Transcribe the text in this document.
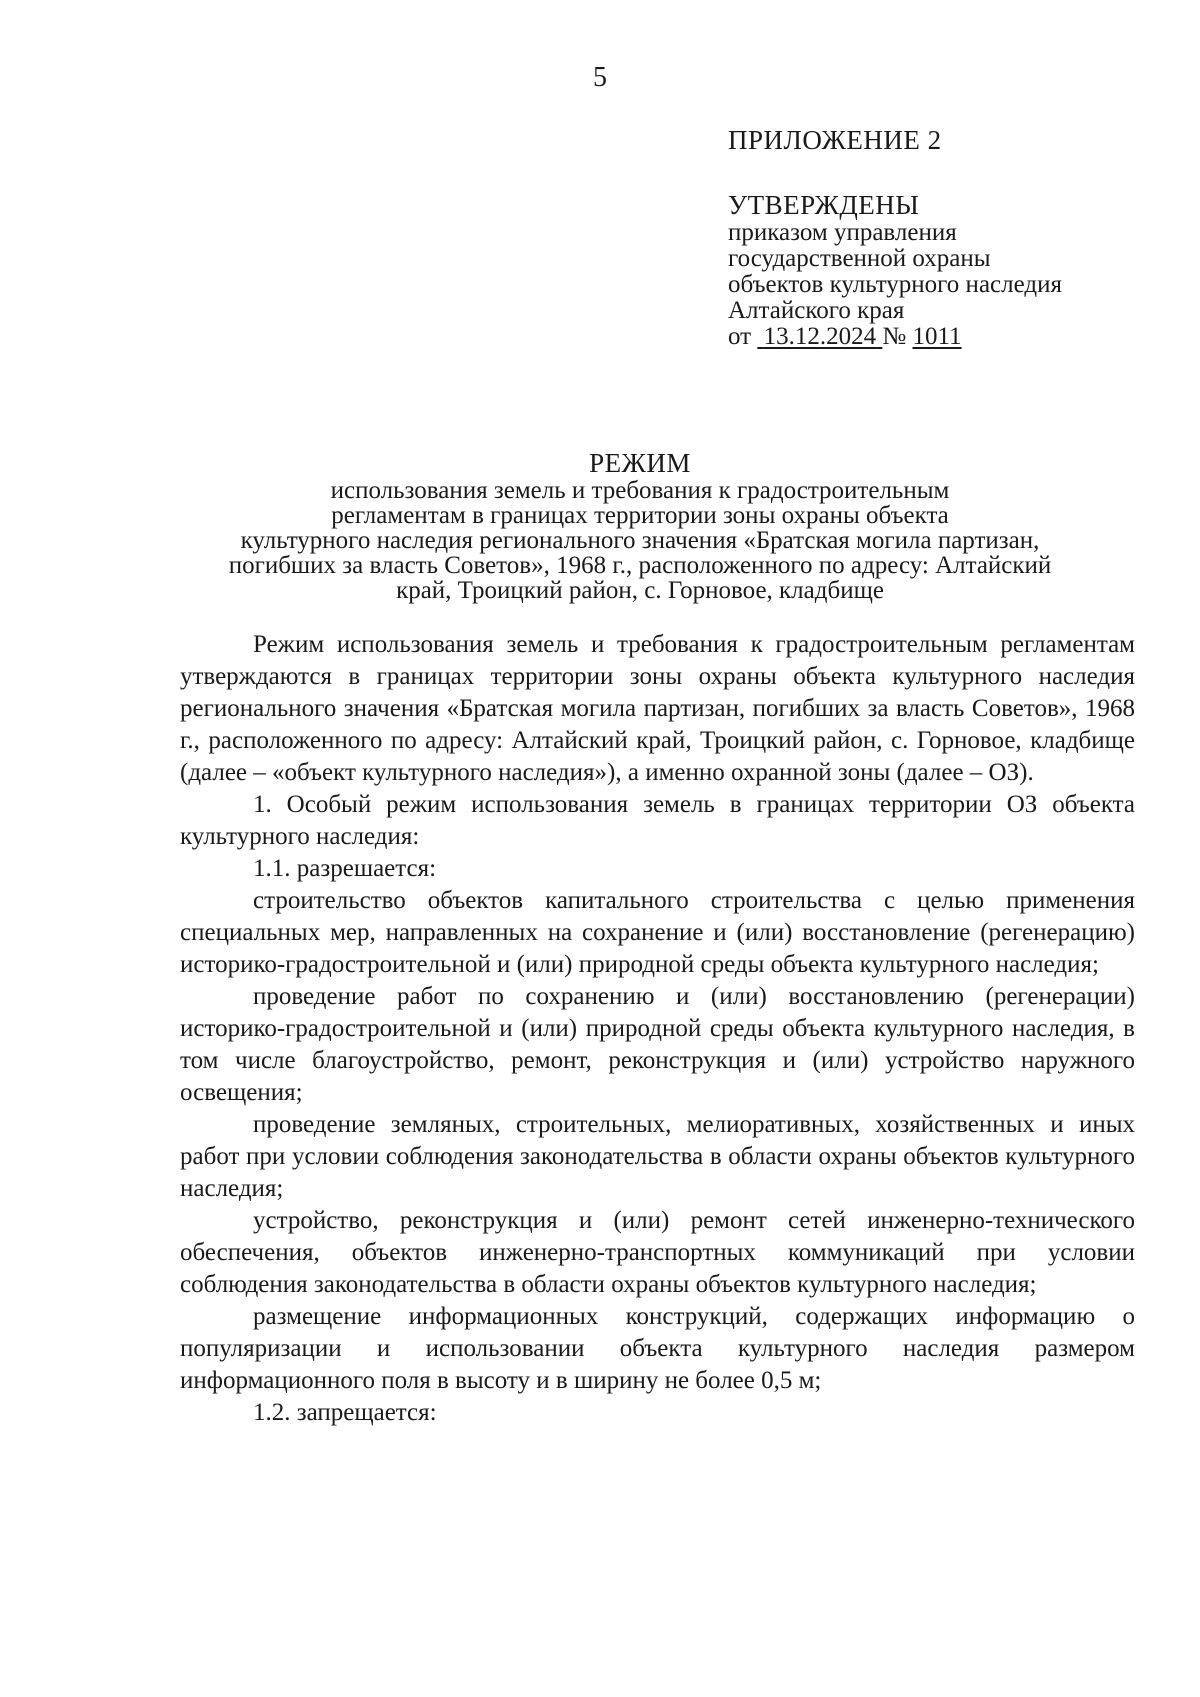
5
ПРИЛОЖЕНИЕ 2
УТВЕРЖДЕНЫ
приказом управления
государственной охраны
объектов культурного наследия
Алтайского края
от 13.12.2024 № 1011
РЕЖИМ
использования земель и требования к градостроительным
регламентам в границах территории зоны охраны объекта
культурного наследия регионального значения «Братская могила партизан,
погибших за власть Советов», 1968 г., расположенного по адресу: Алтайский
край, Троицкий район, с. Горновое, кладбище

Режим использования земель и требования к градостроительным регламентам утверждаются в границах территории зоны охраны объекта культурного наследия регионального значения «Братская могила партизан, погибших за власть Советов», 1968 г., расположенного по адресу: Алтайский край, Троицкий район, с. Горновое, кладбище (далее – «объект культурного наследия»), а именно охранной зоны (далее – ОЗ).

1. Особый режим использования земель в границах территории ОЗ объекта культурного наследия:

1.1. разрешается:

строительство объектов капитального строительства с целью применения специальных мер, направленных на сохранение и (или) восстановление (регенерацию) историко-градостроительной и (или) природной среды объекта культурного наследия;

проведение работ по сохранению и (или) восстановлению (регенерации) историко-градостроительной и (или) природной среды объекта культурного наследия, в том числе благоустройство, ремонт, реконструкция и (или) устройство наружного освещения;

проведение земляных, строительных, мелиоративных, хозяйственных и иных работ при условии соблюдения законодательства в области охраны объектов культурного наследия;

устройство, реконструкция и (или) ремонт сетей инженерно-технического обеспечения, объектов инженерно-транспортных коммуникаций при условии соблюдения законодательства в области охраны объектов культурного наследия;

размещение информационных конструкций, содержащих информацию о популяризации и использовании объекта культурного наследия размером информационного поля в высоту и в ширину не более 0,5 м;

1.2. запрещается:
